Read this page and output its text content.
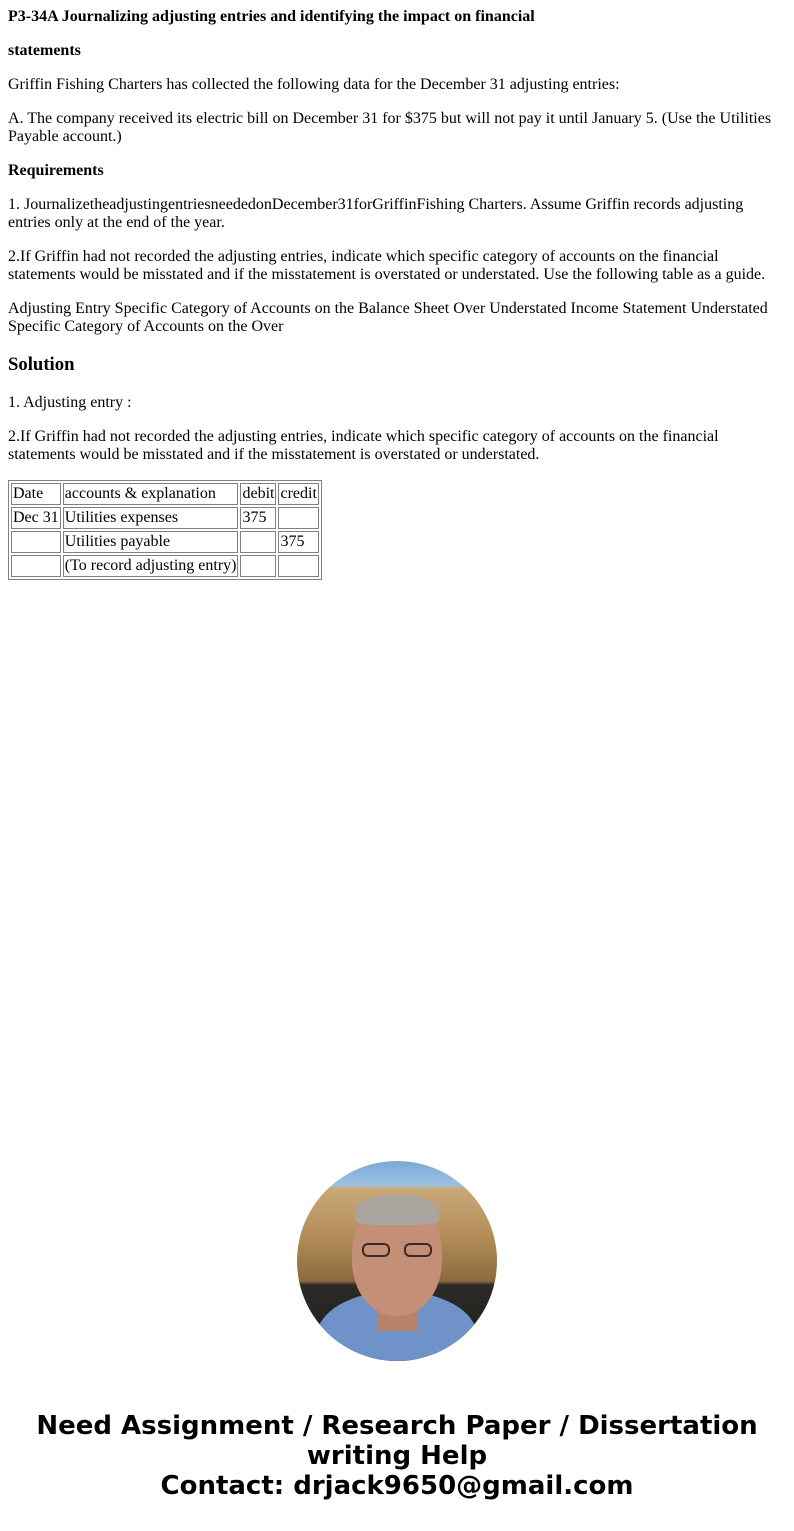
P3-34A Journalizing adjusting entries and identifying the impact on financial

statements

Griffin Fishing Charters has collected the following data for the December 31 adjusting entries:

A. The company received its electric bill on December 31 for $375 but will not pay it until January 5. (Use the Utilities Payable account.)

Requirements

1. JournalizetheadjustingentriesneededonDecember31forGriffinFishing Charters. Assume Griffin records adjusting entries only at the end of the year.

2.If Griffin had not recorded the adjusting entries, indicate which specific category of accounts on the financial statements would be misstated and if the misstatement is overstated or understated. Use the following table as a guide.

Adjusting Entry Specific Category of Accounts on the Balance Sheet Over Understated Income Statement Understated Specific Category of Accounts on the Over

Solution

1. Adjusting entry :

2.If Griffin had not recorded the adjusting entries, indicate which specific category of accounts on the financial statements would be misstated and if the misstatement is overstated or understated.

Date	accounts & explanation	debit	credit
Dec 31	Utilities expenses	375	
	Utilities payable		375
	(To record adjusting entry)		
Need Assignment / Research Paper / Dissertation
writing Help
Contact: drjack9650@gmail.com
